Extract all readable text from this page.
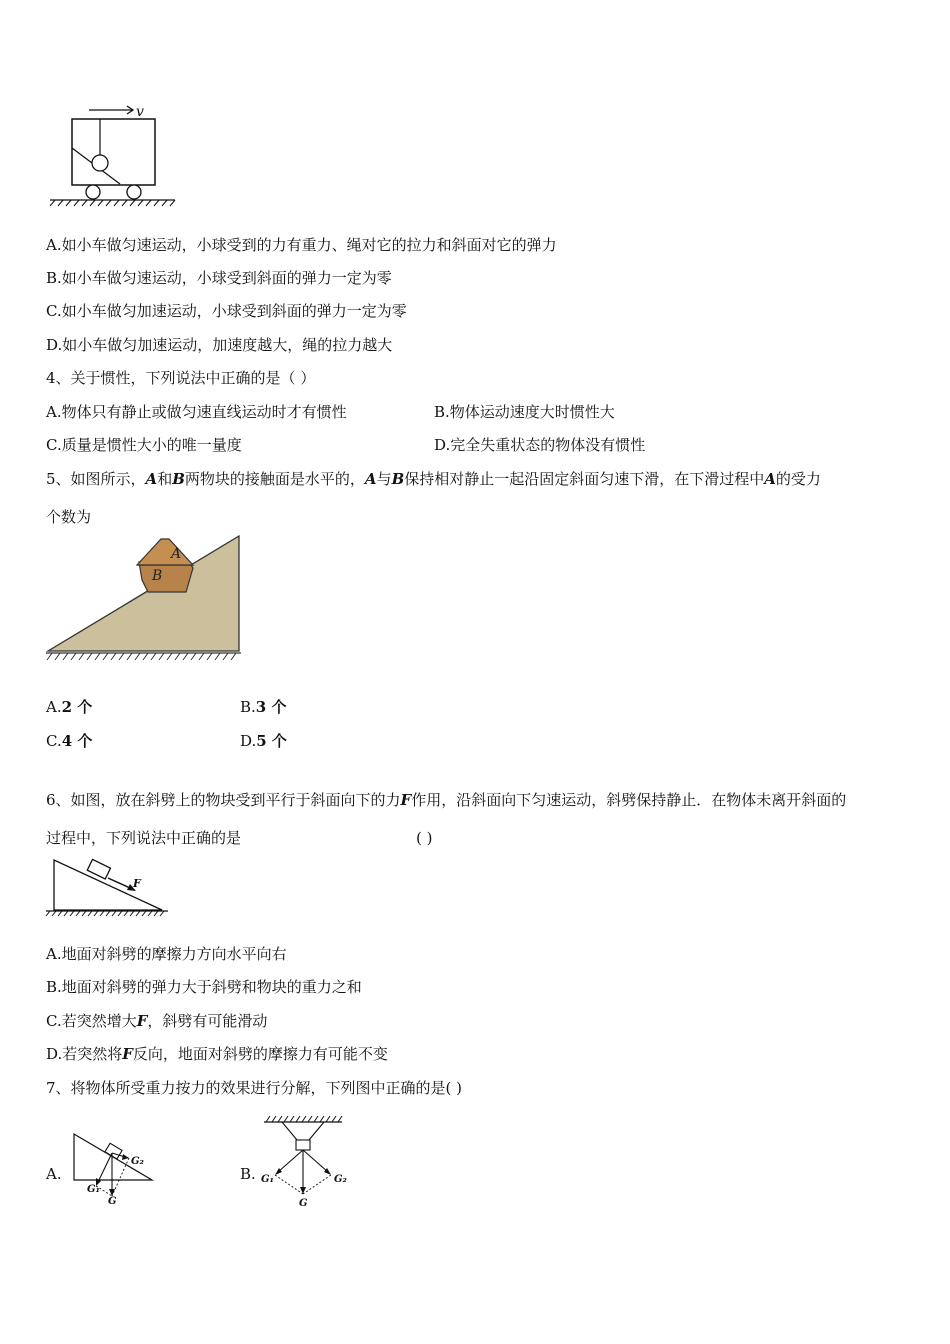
v
A.如小车做匀速运动，小球受到的力有重力、绳对它的拉力和斜面对它的弹力
B.如小车做匀速运动，小球受到斜面的弹力一定为零
C.如小车做匀加速运动，小球受到斜面的弹力一定为零
D.如小车做匀加速运动，加速度越大，绳的拉力越大
4、关于惯性，下列说法中正确的是（ ）
A.物体只有静止或做匀速直线运动时才有惯性	B.物体运动速度大时惯性大
C.质量是惯性大小的唯一量度	D.完全失重状态的物体没有惯性
5、如图所示，A和B两物块的接触面是水平的，A与B保持相对静止一起沿固定斜面匀速下滑，在下滑过程中A的受力
个数为
A
B
A.2 个	B.3 个
C.4 个	D.5 个
6、如图，放在斜劈上的物块受到平行于斜面向下的力F作用，沿斜面向下匀速运动，斜劈保持静止．在物体未离开斜面的
过程中，下列说法中正确的是	( )
F
A.地面对斜劈的摩擦力方向水平向右
B.地面对斜劈的弹力大于斜劈和物块的重力之和
C.若突然增大F，斜劈有可能滑动
D.若突然将F反向，地面对斜劈的摩擦力有可能不变
7、将物体所受重力按力的效果进行分解，下列图中正确的是( )
A.
G₂
G₁
G
B. G₁	G₂
G
